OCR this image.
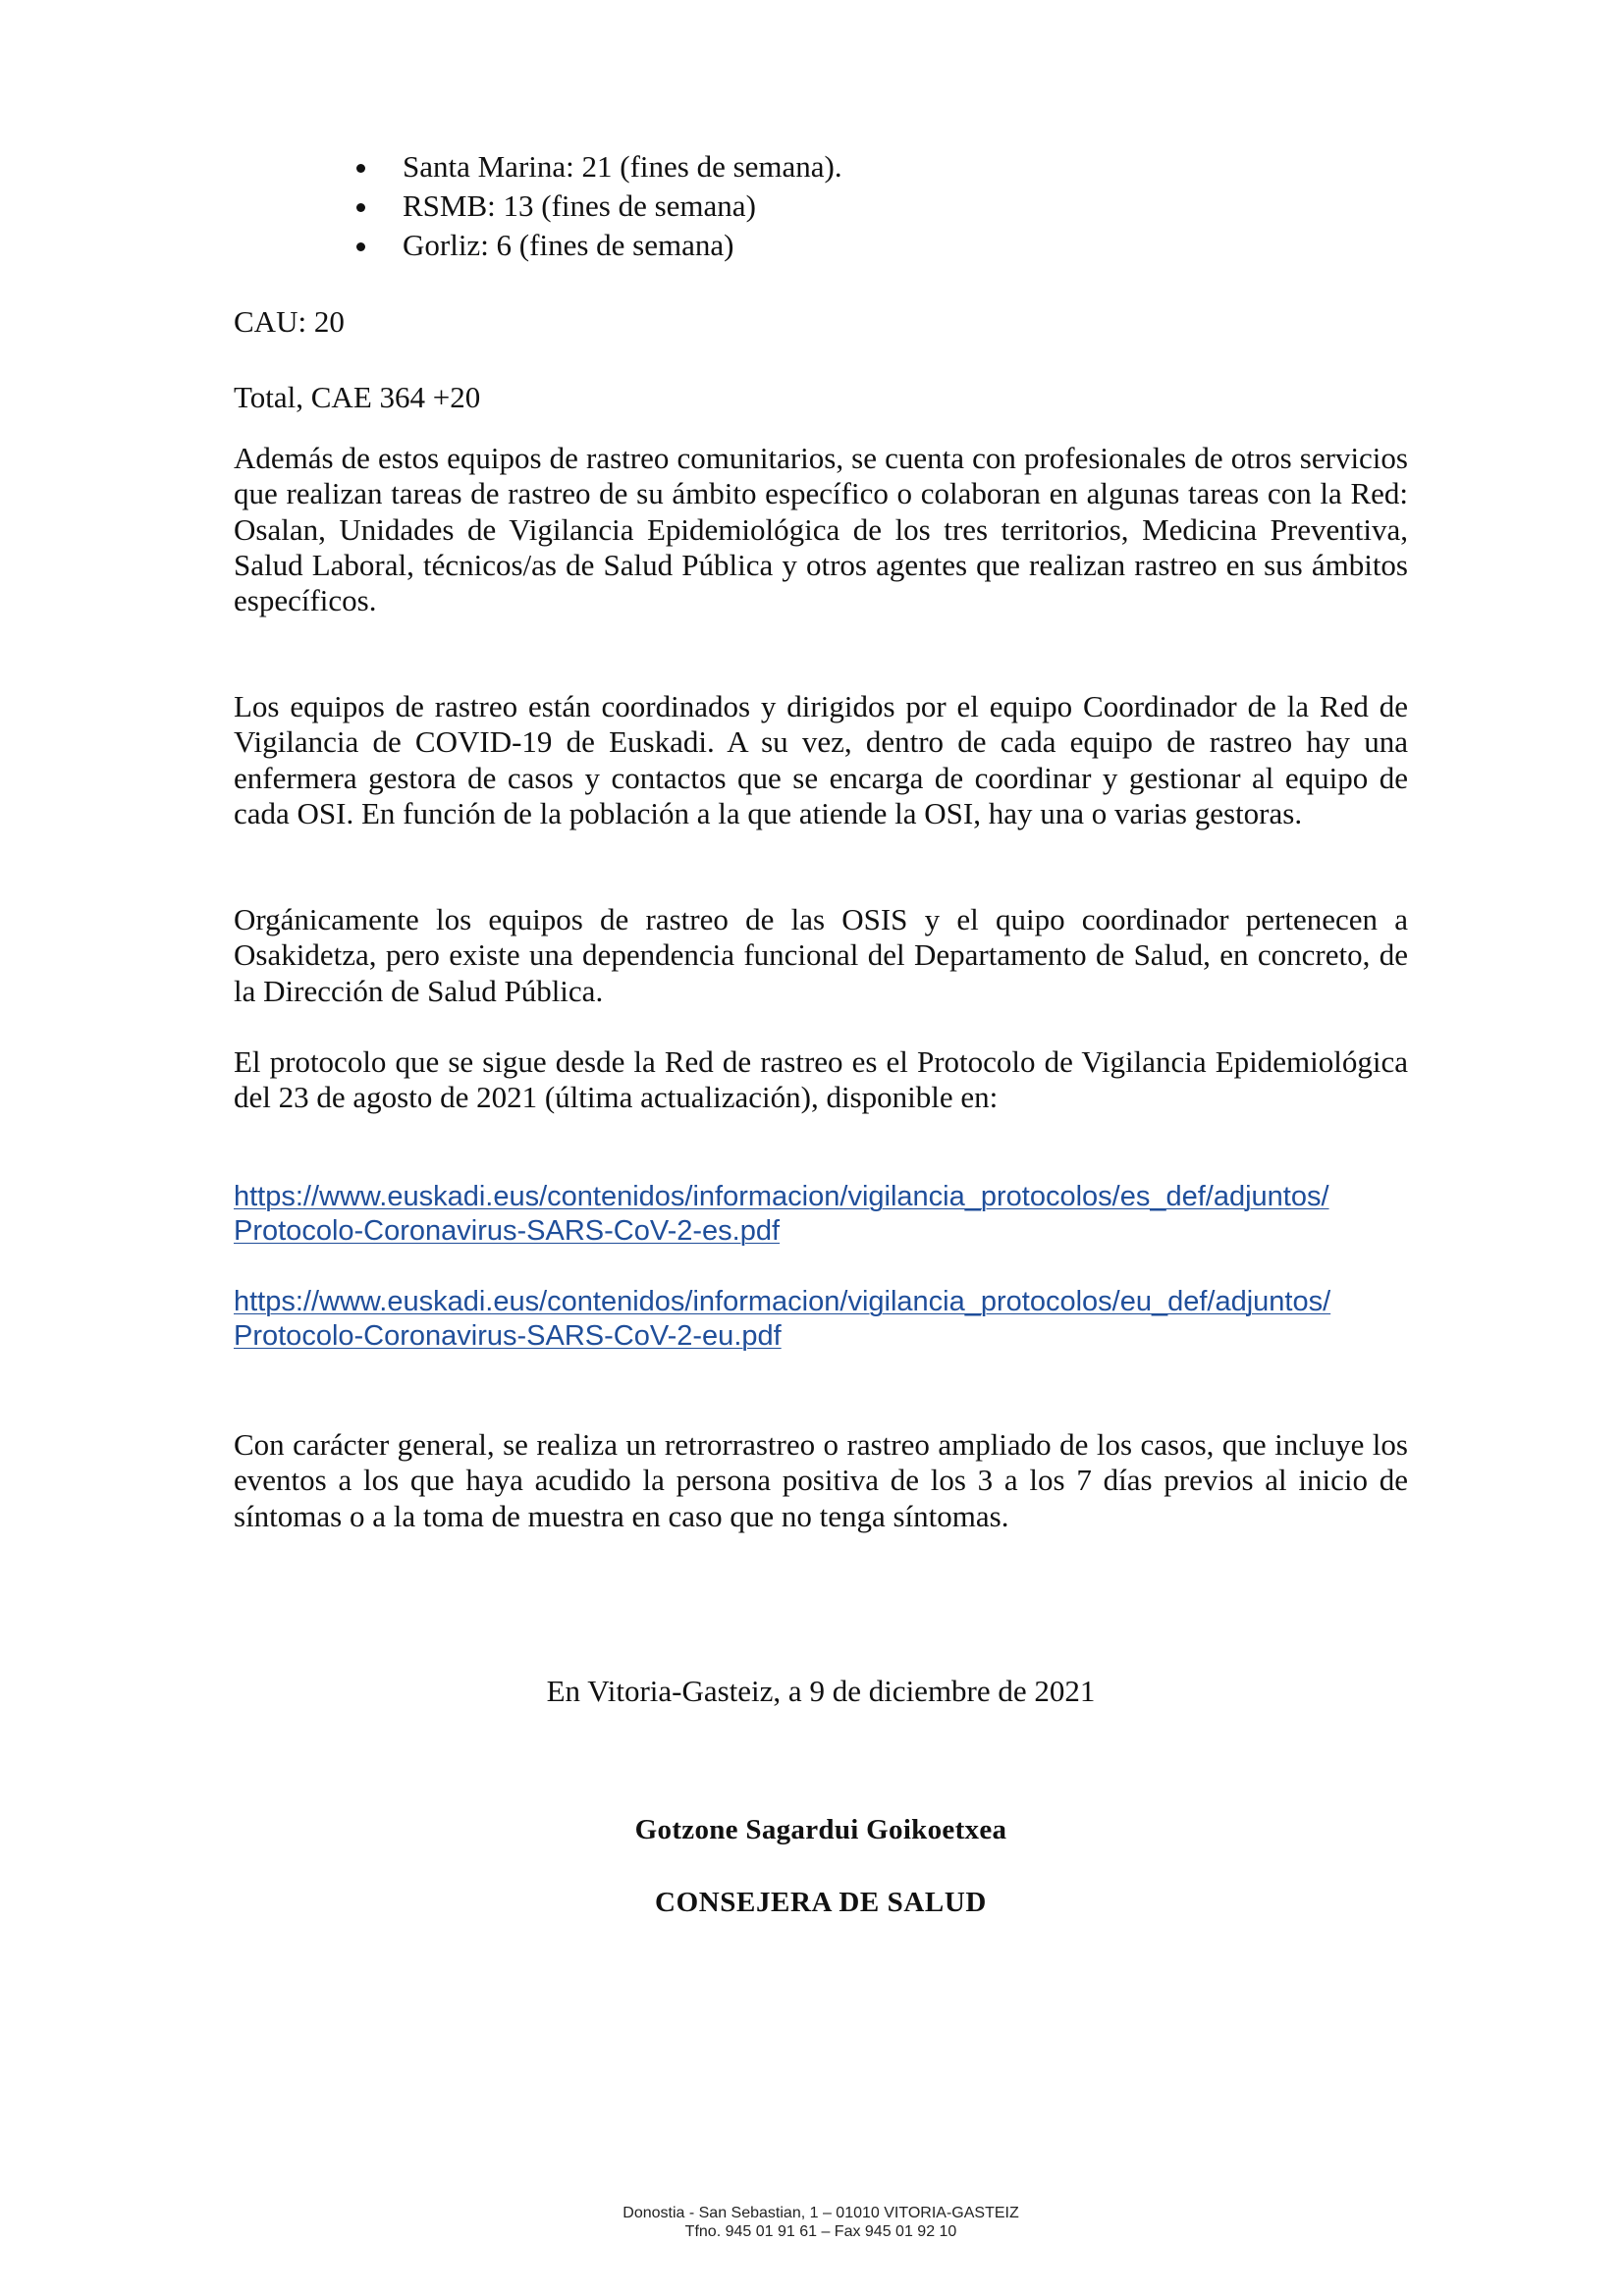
Santa Marina: 21 (fines de semana).
RSMB: 13 (fines de semana)
Gorliz: 6 (fines de semana)
CAU: 20
Total, CAE 364 +20

Además de estos equipos de rastreo comunitarios, se cuenta con profesionales de otros servicios que realizan tareas de rastreo de su ámbito específico o colaboran en algunas tareas con la Red: Osalan, Unidades de Vigilancia Epidemiológica de los tres territorios, Medicina Preventiva, Salud Laboral, técnicos/as de Salud Pública y otros agentes que realizan rastreo en sus ámbitos específicos.

Los equipos de rastreo están coordinados y dirigidos por el equipo Coordinador de la Red de Vigilancia de COVID-19 de Euskadi. A su vez, dentro de cada equipo de rastreo hay una enfermera gestora de casos y contactos que se encarga de coordinar y gestionar al equipo de cada OSI. En función de la población a la que atiende la OSI, hay una o varias gestoras.

Orgánicamente los equipos de rastreo de las OSIS y el quipo coordinador pertenecen a Osakidetza, pero existe una dependencia funcional del Departamento de Salud, en concreto, de la Dirección de Salud Pública.

El protocolo que se sigue desde la Red de rastreo es el Protocolo de Vigilancia Epidemiológica del 23 de agosto de 2021 (última actualización), disponible en:

https://www.euskadi.eus/contenidos/informacion/vigilancia_protocolos/es_def/adjuntos/
Protocolo-Coronavirus-SARS-CoV-2-es.pdf
https://www.euskadi.eus/contenidos/informacion/vigilancia_protocolos/eu_def/adjuntos/
Protocolo-Coronavirus-SARS-CoV-2-eu.pdf

Con carácter general, se realiza un retrorrastreo o rastreo ampliado de los casos, que incluye los eventos a los que haya acudido la persona positiva de los 3 a los 7 días previos al inicio de síntomas o a la toma de muestra en caso que no tenga síntomas.

En Vitoria-Gasteiz, a 9 de diciembre de 2021
Gotzone Sagardui Goikoetxea
CONSEJERA DE SALUD
Donostia - San Sebastian, 1 – 01010 VITORIA-GASTEIZ
Tfno. 945 01 91 61 – Fax 945 01 92 10
